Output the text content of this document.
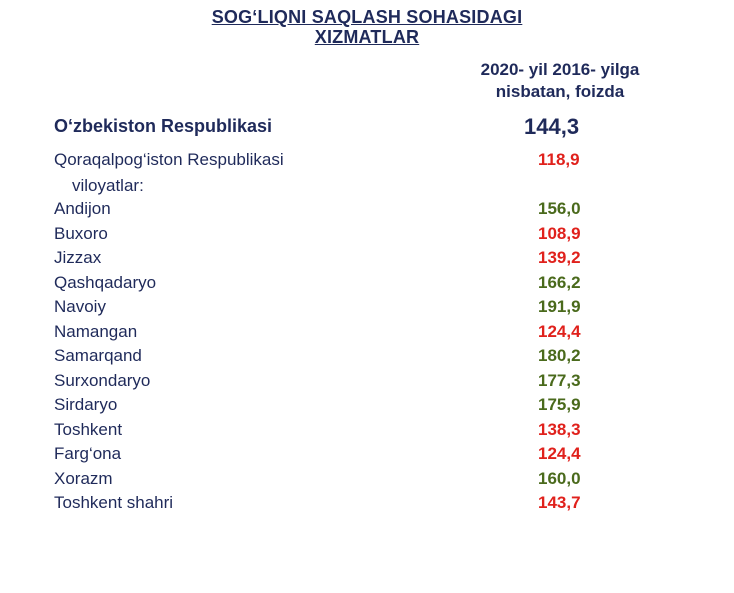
SOG‘LIQNI SAQLASH SOHASIDAGI
XIZMATLAR
2020- yil 2016- yilga
nisbatan, foizda
O‘zbekiston Respublikasi	144,3
Qoraqalpog‘iston Respublikasi	118,9
viloyatlar:
Andijon	156,0
Buxoro	108,9
Jizzax	139,2
Qashqadaryo	166,2
Navoiy	191,9
Namangan	124,4
Samarqand	180,2
Surxondaryo	177,3
Sirdaryo	175,9
Toshkent	138,3
Farg‘ona	124,4
Xorazm	160,0
Toshkent shahri	143,7
